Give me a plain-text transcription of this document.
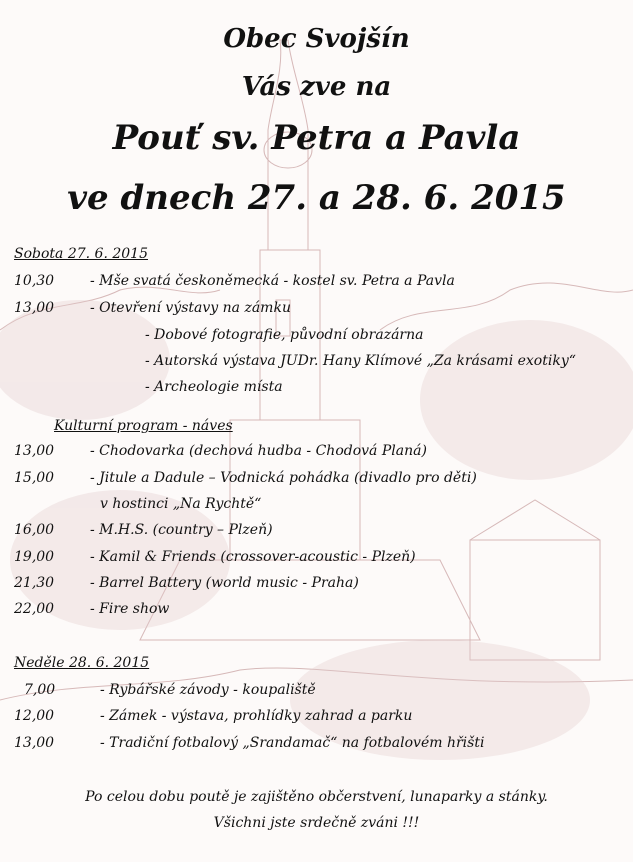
Obec Svojšín
Vás zve na
Pouť sv. Petra a Pavla
ve dnech 27. a 28. 6. 2015
Sobota 27. 6. 2015
10,30	- Mše svatá českoněmecká - kostel sv. Petra a Pavla
13,00	- Otevření výstavy na zámku
- Dobové fotografie, původní obrazárna
- Autorská výstava JUDr. Hany Klímové „Za krásami exotiky“
- Archeologie místa
Kulturní program - náves
13,00	- Chodovarka (dechová hudba - Chodová Planá)
15,00	- Jitule a Dadule – Vodnická pohádka (divadlo pro děti)
v hostinci „Na Rychtě“
16,00	- M.H.S. (country – Plzeň)
19,00	- Kamil & Friends (crossover-acoustic - Plzeň)
21,30	- Barrel Battery (world music - Praha)
22,00	- Fire show
Neděle 28. 6. 2015
7,00	- Rybářské závody - koupaliště
12,00	- Zámek - výstava, prohlídky zahrad a parku
13,00	- Tradiční fotbalový „Srandamač“ na fotbalovém hřišti
Po celou dobu poutě je zajištěno občerstvení, lunaparky a stánky.
Všichni jste srdečně zváni !!!
